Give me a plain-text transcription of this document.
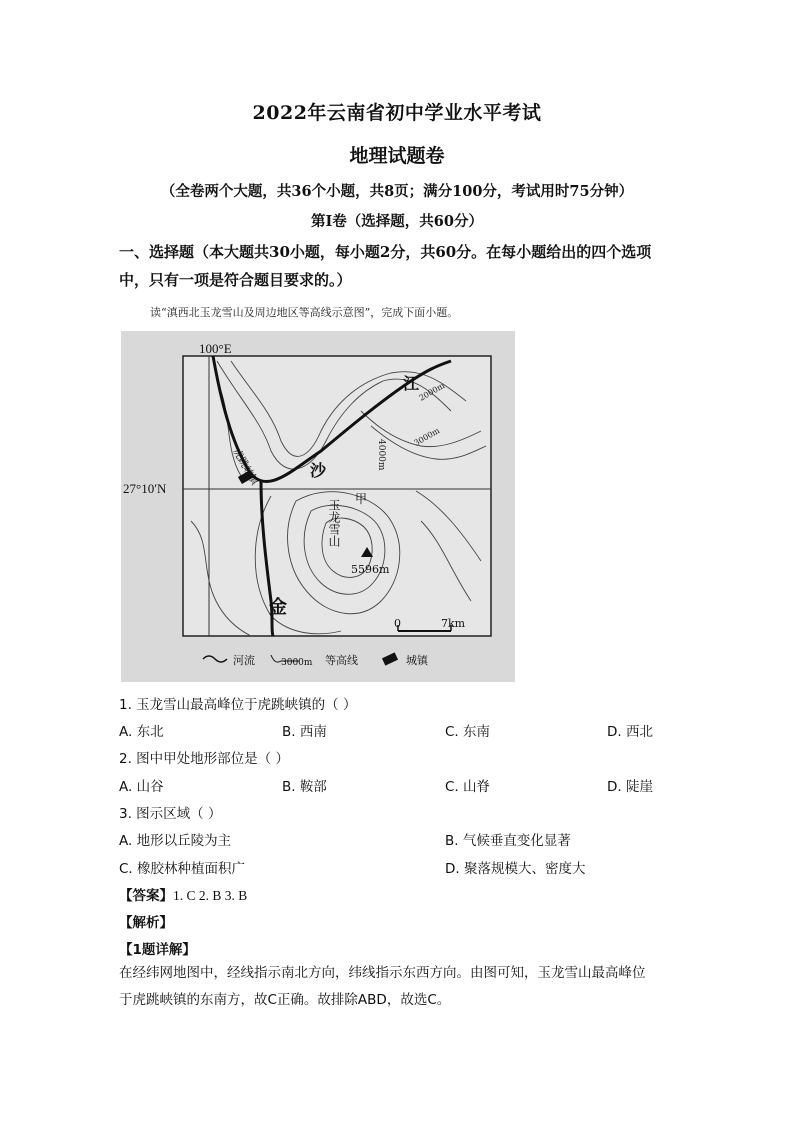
2022年云南省初中学业水平考试
地理试题卷
（全卷两个大题，共36个小题，共8页；满分100分，考试用时75分钟）
第Ⅰ卷（选择题，共60分）
一、选择题（本大题共30小题，每小题2分，共60分。在每小题给出的四个选项中，只有一项是符合题目要求的。）
读“滇西北玉龙雪山及周边地区等高线示意图”，完成下面小题。
100°E
27°10′N
金
沙
江
虎跳峡镇
玉龙雪山 甲
5596m
2000m
3000m
4000m
0	7km
河流	3000m 等高线	城镇
1. 玉龙雪山最高峰位于虎跳峡镇的（ ）
A. 东北	B. 西南	C. 东南	D. 西北
2. 图中甲处地形部位是（ ）
A. 山谷	B. 鞍部	C. 山脊	D. 陡崖
3. 图示区域（ ）
A. 地形以丘陵为主	B. 气候垂直变化显著
C. 橡胶林种植面积广	D. 聚落规模大、密度大
【答案】1. C 2. B 3. B
【解析】
【1题详解】
在经纬网地图中，经线指示南北方向，纬线指示东西方向。由图可知，玉龙雪山最高峰位
于虎跳峡镇的东南方，故C正确。故排除ABD，故选C。
